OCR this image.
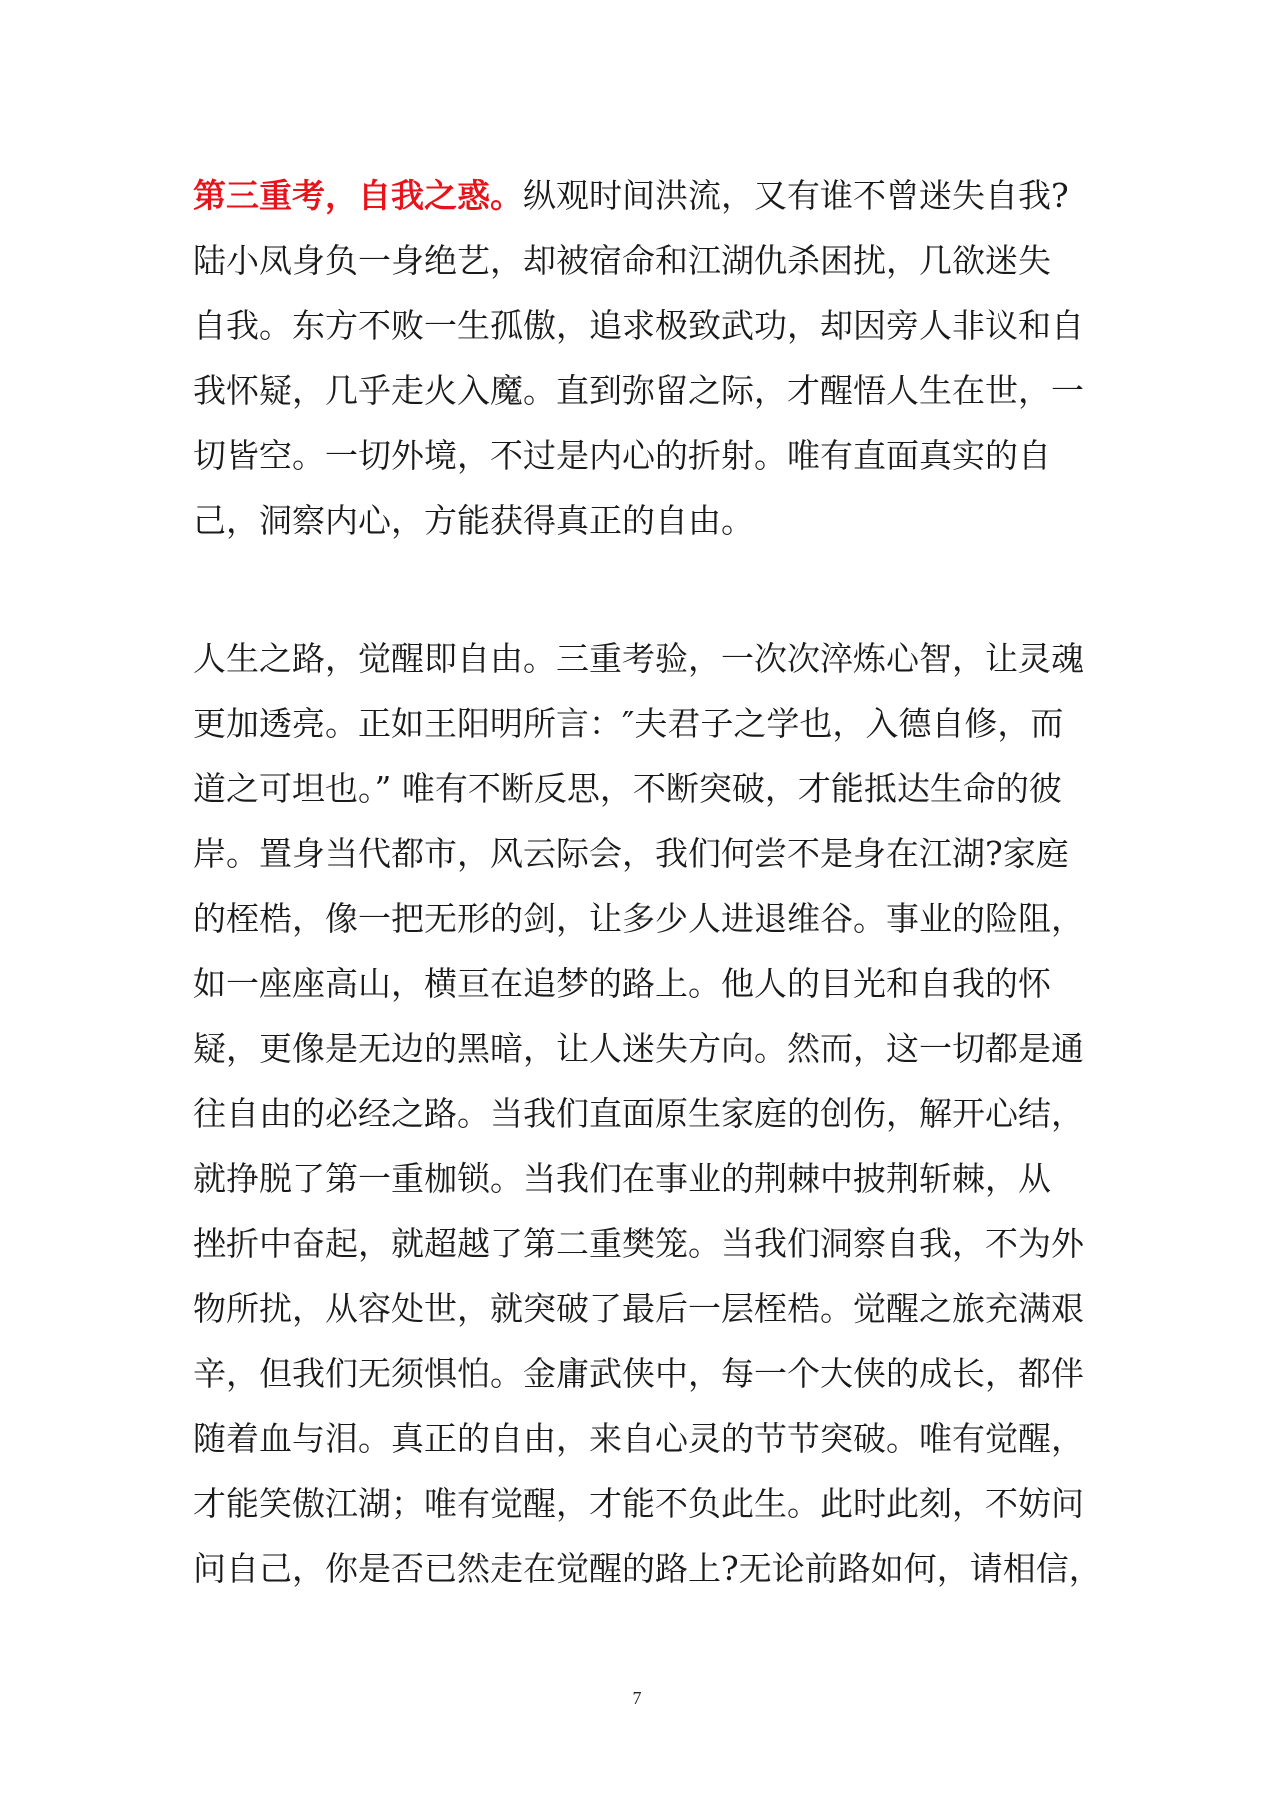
第三重考，自我之惑。纵观时间洪流，又有谁不曾迷失自我?
陆小凤身负一身绝艺，却被宿命和江湖仇杀困扰，几欲迷失
自我。东方不败一生孤傲，追求极致武功，却因旁人非议和自
我怀疑，几乎走火入魔。直到弥留之际，才醒悟人生在世，一
切皆空。一切外境，不过是内心的折射。唯有直面真实的自
己，洞察内心，方能获得真正的自由。
人生之路，觉醒即自由。三重考验，一次次淬炼心智，让灵魂
更加透亮。正如王阳明所言：″夫君子之学也，入德自修，而
道之可坦也。” 唯有不断反思，不断突破，才能抵达生命的彼
岸。置身当代都市，风云际会，我们何尝不是身在江湖?家庭
的桎梏，像一把无形的剑，让多少人进退维谷。事业的险阻，
如一座座高山，横亘在追梦的路上。他人的目光和自我的怀
疑，更像是无边的黑暗，让人迷失方向。然而，这一切都是通
往自由的必经之路。当我们直面原生家庭的创伤，解开心结，
就挣脱了第一重枷锁。当我们在事业的荆棘中披荆斩棘，从
挫折中奋起，就超越了第二重樊笼。当我们洞察自我，不为外
物所扰，从容处世，就突破了最后一层桎梏。觉醒之旅充满艰
辛，但我们无须惧怕。金庸武侠中，每一个大侠的成长，都伴
随着血与泪。真正的自由，来自心灵的节节突破。唯有觉醒，
才能笑傲江湖；唯有觉醒，才能不负此生。此时此刻，不妨问
问自己，你是否已然走在觉醒的路上?无论前路如何，请相信，
7
